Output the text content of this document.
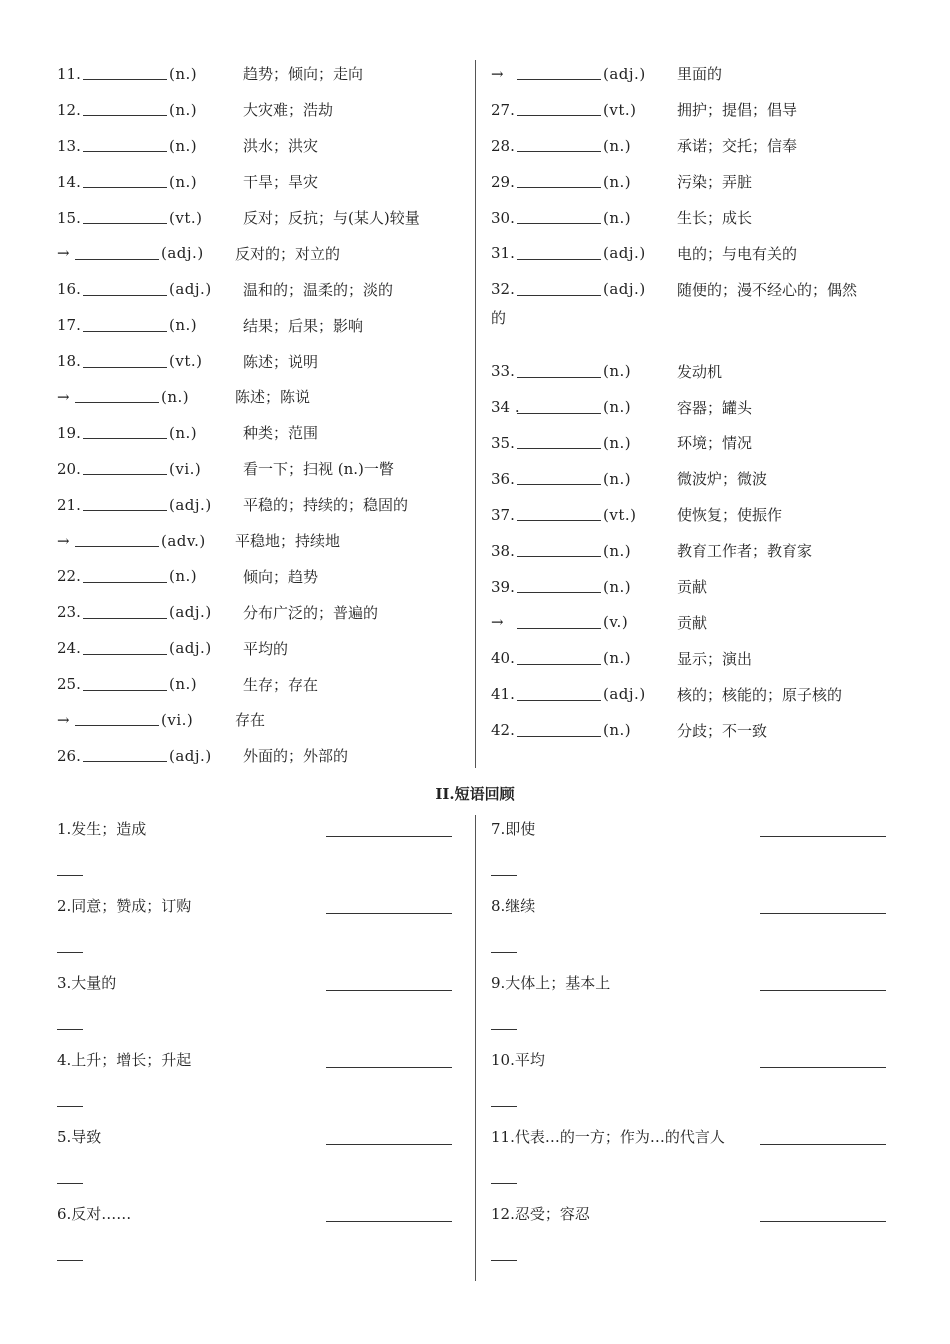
11.	(n.)	趋势；倾向；走向
12.	(n.)	大灾难；浩劫
13.	(n.)	洪水；洪灾
14.	(n.)	干旱；旱灾
15.	(vt.)	反对；反抗；与(某人)较量
→	(adj.)	反对的；对立的
16.	(adj.)	温和的；温柔的；淡的
17.	(n.)	结果；后果；影响
18.	(vt.)	陈述；说明
→	(n.)	陈述；陈说
19.	(n.)	种类；范围
20.	(vi.)	看一下；扫视 (n.)一瞥
21.	(adj.)	平稳的；持续的；稳固的
→	(adv.)	平稳地；持续地
22.	(n.)	倾向；趋势
23.	(adj.)	分布广泛的；普遍的
24.	(adj.)	平均的
25.	(n.)	生存；存在
→	(vi.)	存在
26.	(adj.)	外面的；外部的
→	(adj.)	里面的
27.	(vt.)	拥护；提倡；倡导
28.	(n.)	承诺；交托；信奉
29.	(n.)	污染；弄脏
30.	(n.)	生长；成长
31.	(adj.)	电的；与电有关的
32.	(adj.)	随便的；漫不经心的；偶然
的
33.	(n.)	发动机
34 .	(n.)	容器；罐头
35.	(n.)	环境；情况
36.	(n.)	微波炉；微波
37.	(vt.)	使恢复；使振作
38.	(n.)	教育工作者；教育家
39.	(n.)	贡献
→	(v.)	贡献
40.	(n.)	显示；演出
41.	(adj.)	核的；核能的；原子核的
42.	(n.)	分歧；不一致
II.短语回顾
1.发生；造成
2.同意；赞成；订购
3.大量的
4.上升；增长；升起
5.导致
6.反对……
7.即使
8.继续
9.大体上；基本上
10.平均
11.代表…的一方；作为…的代言人
12.忍受；容忍
